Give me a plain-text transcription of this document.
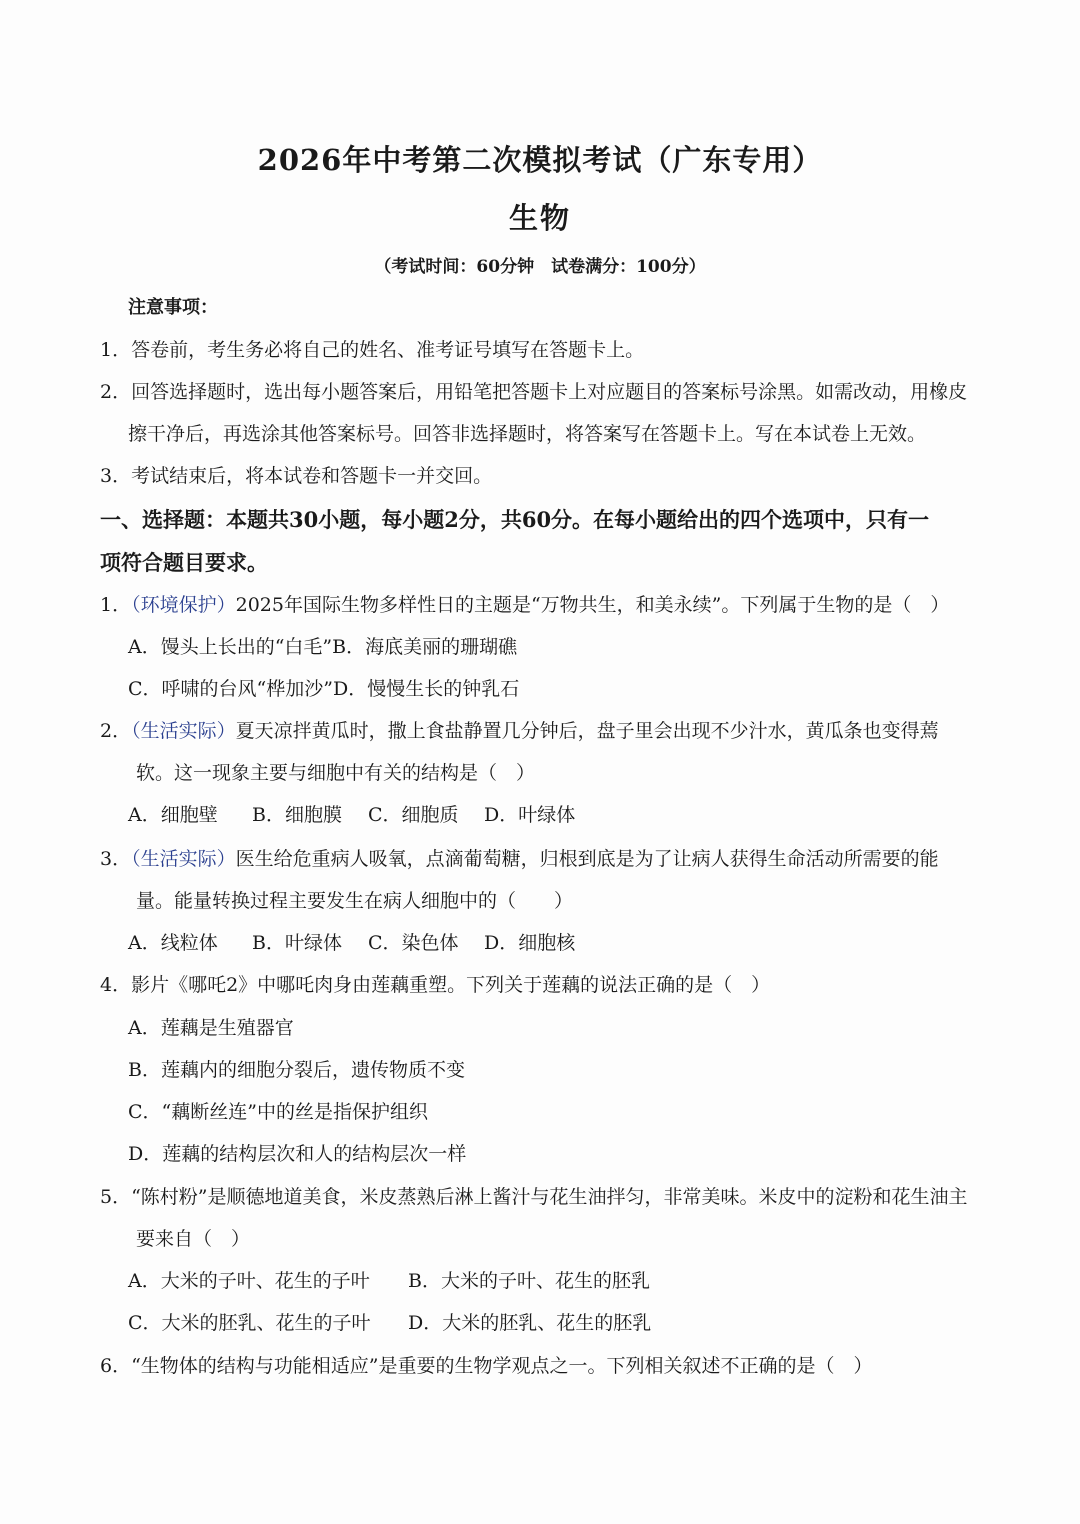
2026年中考第二次模拟考试（广东专用）
生物
（考试时间：60分钟　试卷满分：100分）
注意事项：
1．答卷前，考生务必将自己的姓名、准考证号填写在答题卡上。
2．回答选择题时，选出每小题答案后，用铅笔把答题卡上对应题目的答案标号涂黑。如需改动，用橡皮
擦干净后，再选涂其他答案标号。回答非选择题时，将答案写在答题卡上。写在本试卷上无效。
3．考试结束后，将本试卷和答题卡一并交回。
一、选择题：本题共30小题，每小题2分，共60分。在每小题给出的四个选项中，只有一
项符合题目要求。
1．（环境保护）2025年国际生物多样性日的主题是“万物共生，和美永续”。下列属于生物的是（　）
A．馒头上长出的“白毛”B．海底美丽的珊瑚礁
C．呼啸的台风“桦加沙”D．慢慢生长的钟乳石
2．（生活实际）夏天凉拌黄瓜时，撒上食盐静置几分钟后，盘子里会出现不少汁水，黄瓜条也变得蔫
软。这一现象主要与细胞中有关的结构是（　）
A．细胞壁 B．细胞膜 C．细胞质 D．叶绿体
3．（生活实际）医生给危重病人吸氧，点滴葡萄糖，归根到底是为了让病人获得生命活动所需要的能
量。能量转换过程主要发生在病人细胞中的（　　）
A．线粒体 B．叶绿体 C．染色体 D．细胞核
4．影片《哪吒2》中哪吒肉身由莲藕重塑。下列关于莲藕的说法正确的是（　）
A．莲藕是生殖器官
B．莲藕内的细胞分裂后，遗传物质不变
C．“藕断丝连”中的丝是指保护组织
D．莲藕的结构层次和人的结构层次一样
5．“陈村粉”是顺德地道美食，米皮蒸熟后淋上酱汁与花生油拌匀，非常美味。米皮中的淀粉和花生油主
要来自（　）
A．大米的子叶、花生的子叶 B．大米的子叶、花生的胚乳
C．大米的胚乳、花生的子叶 D．大米的胚乳、花生的胚乳
6．“生物体的结构与功能相适应”是重要的生物学观点之一。下列相关叙述不正确的是（　）
